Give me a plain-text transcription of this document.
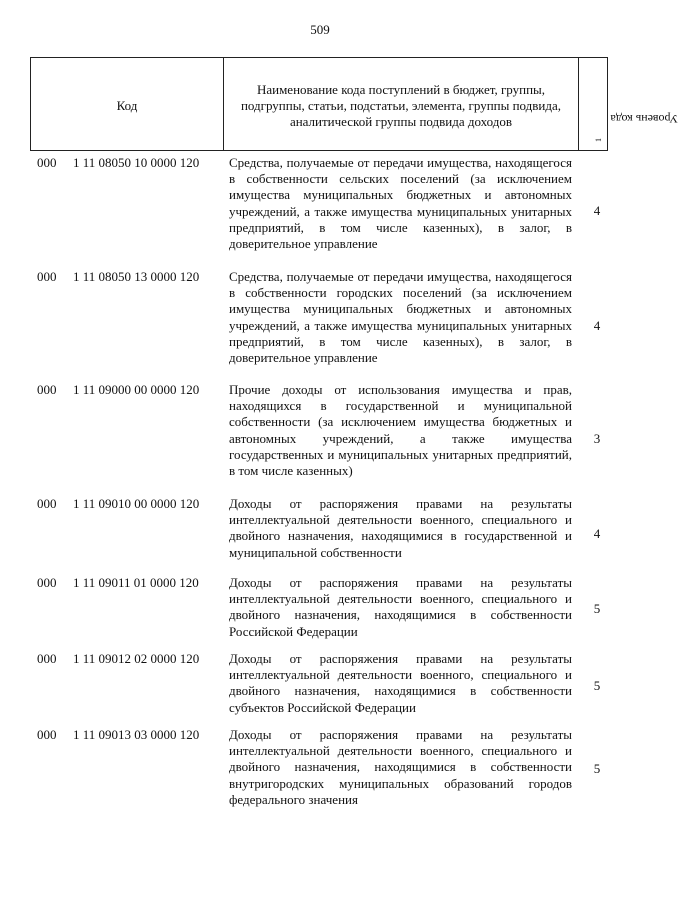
509
Код
Наименование кода поступлений в бюджет, группы, подгруппы, статьи, подстатьи, элемента, группы подвида, аналитической группы подвида доходов	Уровень кода
$^1$
000 1 11 08050 10 0000 120 Средства, получаемые от передачи имущества, находящегося в собственности сельских поселений (за исключением имущества муниципальных бюджетных и автономных учреждений, а также имущества муниципальных унитарных предприятий, в том числе казенных), в залог, в доверительное управление
4
000 1 11 08050 13 0000 120 Средства, получаемые от передачи имущества, находящегося в собственности городских поселений (за исключением имущества муниципальных бюджетных и автономных учреждений, а также имущества муниципальных унитарных предприятий, в том числе казенных), в залог, в доверительное управление
4
000 1 11 09000 00 0000 120 Прочие доходы от использования имущества и прав, находящихся в государственной и муниципальной собственности (за исключением имущества бюджетных и автономных учреждений, а также имущества государственных и муниципальных унитарных предприятий, в том числе казенных)
3
000 1 11 09010 00 0000 120 Доходы от распоряжения правами на результаты интеллектуальной деятельности военного, специального и двойного назначения, находящимися в государственной и муниципальной собственности
4
000 1 11 09011 01 0000 120 Доходы от распоряжения правами на результаты интеллектуальной деятельности военного, специального и двойного назначения, находящимися в собственности Российской Федерации
5
000 1 11 09012 02 0000 120 Доходы от распоряжения правами на результаты интеллектуальной деятельности военного, специального и двойного назначения, находящимися в собственности субъектов Российской Федерации
5
000 1 11 09013 03 0000 120 Доходы от распоряжения правами на результаты интеллектуальной деятельности военного, специального и двойного назначения, находящимися в собственности внутригородских муниципальных образований городов федерального значения
5
